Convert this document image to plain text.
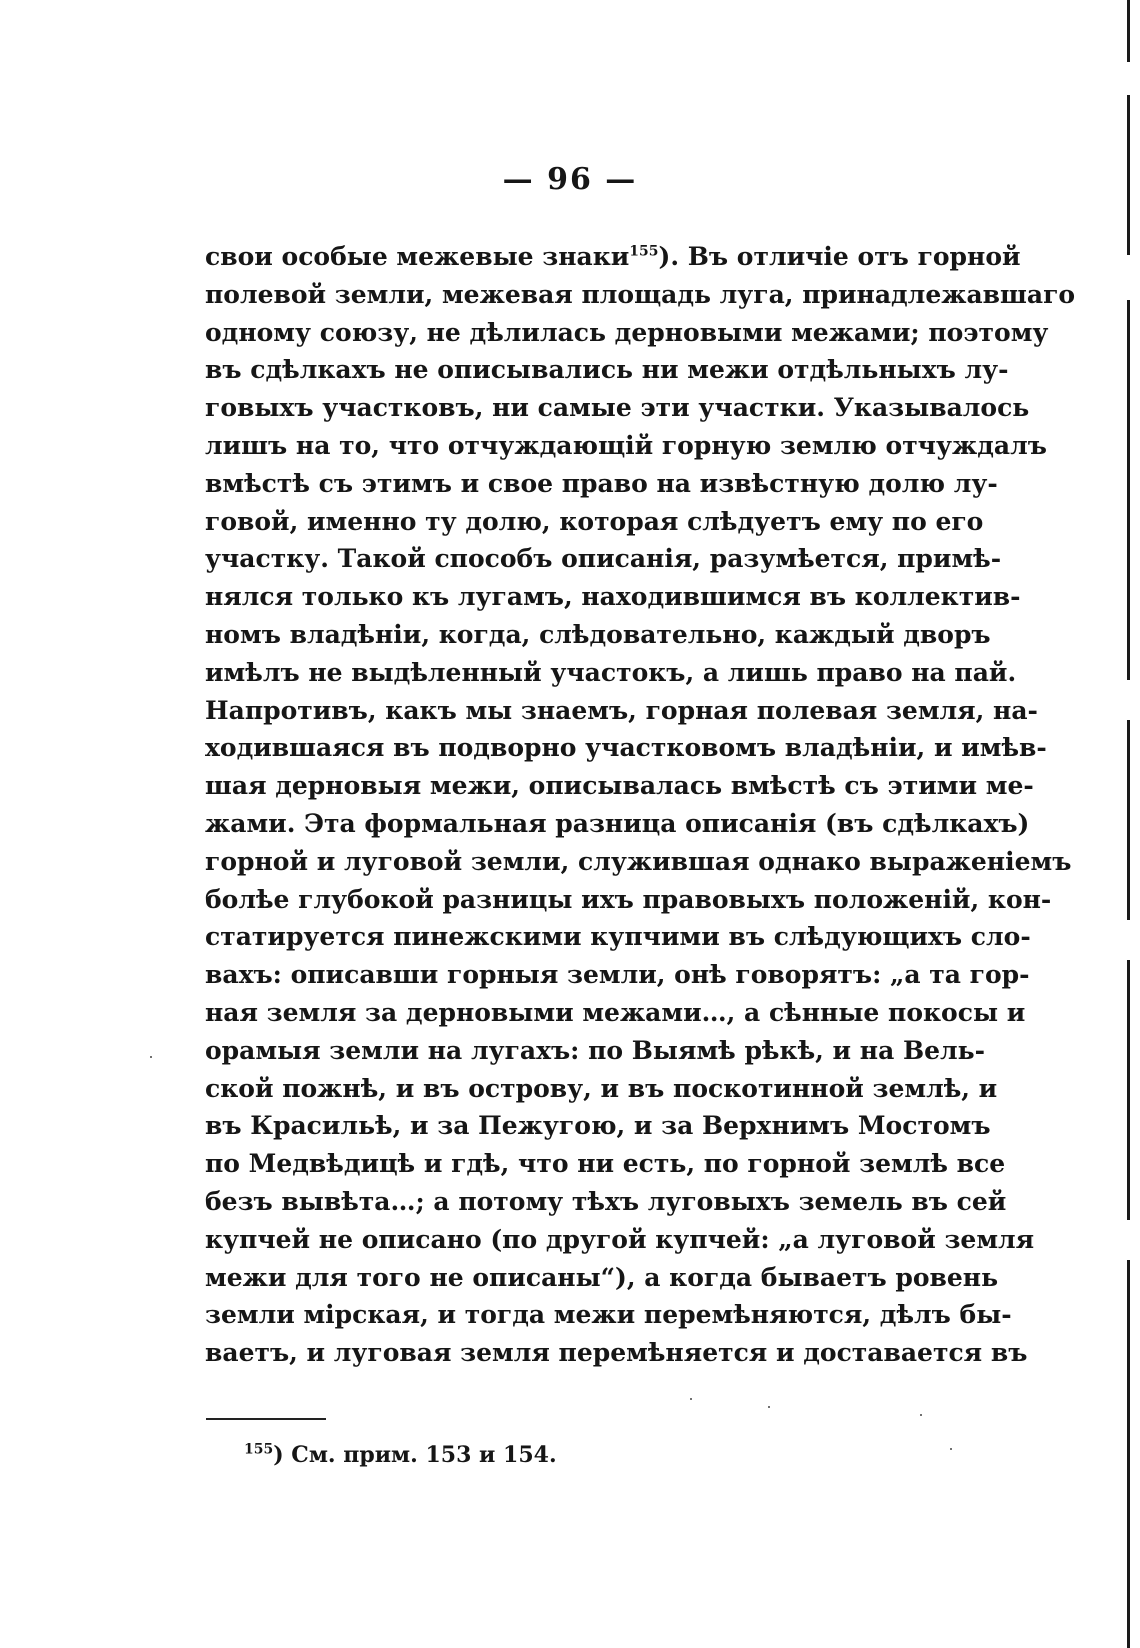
— 96 —
свои особые межевые знаки$^{155}$). Въ отличіе отъ горной
полевой земли, межевая площадь луга, принадлежавшаго
одному союзу, не дѣлилась дерновыми межами; поэтому
въ сдѣлкахъ не описывались ни межи отдѣльныхъ лу-
говыхъ участковъ, ни самые эти участки. Указывалось
лишъ на то, что отчуждающій горную землю отчуждалъ
вмѣстѣ съ этимъ и свое право на извѣстную долю лу-
говой, именно ту долю, которая слѣдуетъ ему по его
участку. Такой способъ описанія, разумѣется, примѣ-
нялся только къ лугамъ, находившимся въ коллектив-
номъ владѣніи, когда, слѣдовательно, каждый дворъ
имѣлъ не выдѣленный участокъ, а лишь право на пай.
Напротивъ, какъ мы знаемъ, горная полевая земля, на-
ходившаяся въ подворно участковомъ владѣніи, и имѣв-
шая дерновыя межи, описывалась вмѣстѣ съ этими ме-
жами. Эта формальная разница описанія (въ сдѣлкахъ)
горной и луговой земли, служившая однако выраженіемъ
болѣе глубокой разницы ихъ правовыхъ положеній, кон-
статируется пинежскими купчими въ слѣдующихъ сло-
вахъ: описавши горныя земли, онѣ говорятъ: „а та гор-
ная земля за дерновыми межами…, а сѣнные покосы и
орамыя земли на лугахъ: по Выямѣ рѣкѣ, и на Вель-
ской пожнѣ, и въ острову, и въ поскотинной землѣ, и
въ Красильѣ, и за Пежугою, и за Верхнимъ Мостомъ
по Медвѣдицѣ и гдѣ, что ни есть, по горной землѣ все
безъ вывѣта…; а потому тѣхъ луговыхъ земель въ сей
купчей не описано (по другой купчей: „а луговой земля
межи для того не описаны“), а когда бываетъ ровень
земли мірская, и тогда межи перемѣняются, дѣлъ бы-
ваетъ, и луговая земля перемѣняется и доставается въ
$^{155}$) См. прим. 153 и 154.
